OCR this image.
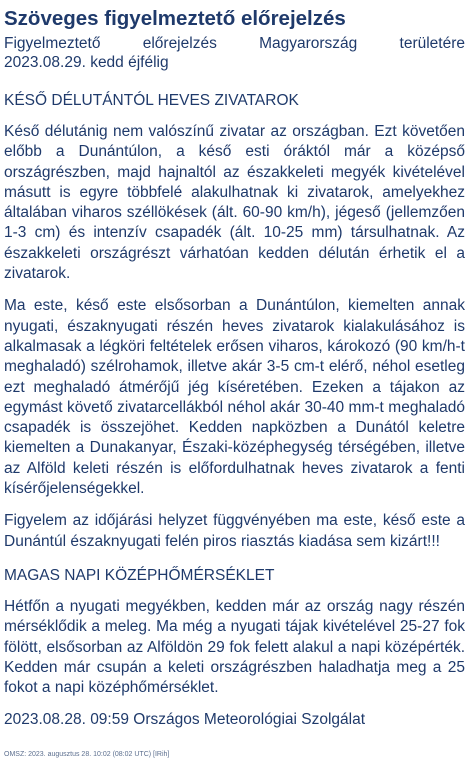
Szöveges figyelmeztető előrejelzés
Figyelmeztető	előrejelzés	Magyarország	területére
2023.08.29. kedd éjfélig
KÉSŐ DÉLUTÁNTÓL HEVES ZIVATAROK

Késő délutánig nem valószínű zivatar az országban. Ezt követően előbb a Dunántúlon, a késő esti óráktól már a középső országrészben, majd hajnaltól az északkeleti megyék kivételével másutt is egyre többfelé alakulhatnak ki zivatarok, amelyekhez általában viharos széllökések (ált. 60-90 km/h), jégeső (jellemzően 1-3 cm) és intenzív csapadék (ált. 10-25 mm) társulhatnak. Az északkeleti országrészt várhatóan kedden délután érhetik el a zivatarok.

Ma este, késő este elsősorban a Dunántúlon, kiemelten annak nyugati, északnyugati részén heves zivatarok kialakulásához is alkalmasak a légköri feltételek erősen viharos, károkozó (90 km/h-t meghaladó) szélrohamok, illetve akár 3-5 cm-t elérő, néhol esetleg ezt meghaladó átmérőjű jég kíséretében. Ezeken a tájakon az egymást követő zivatarcellákból néhol akár 30-40 mm-t meghaladó csapadék is összejöhet. Kedden napközben a Dunától keletre kiemelten a Dunakanyar, Északi-középhegység térségében, illetve az Alföld keleti részén is előfordulhatnak heves zivatarok a fenti kísérőjelenségekkel.

Figyelem az időjárási helyzet függvényében ma este, késő este a Dunántúl északnyugati felén piros riasztás kiadása sem kizárt!!!

MAGAS NAPI KÖZÉPHŐMÉRSÉKLET

Hétfőn a nyugati megyékben, kedden már az ország nagy részén mérséklődik a meleg. Ma még a nyugati tájak kivételével 25-27 fok fölött, elsősorban az Alföldön 29 fok felett alakul a napi középérték. Kedden már csupán a keleti országrészben haladhatja meg a 25 fokot a napi középhőmérséklet.

2023.08.28. 09:59 Országos Meteorológiai Szolgálat
OMSZ: 2023. augusztus 28. 10:02 (08:02 UTC) [IRih]
